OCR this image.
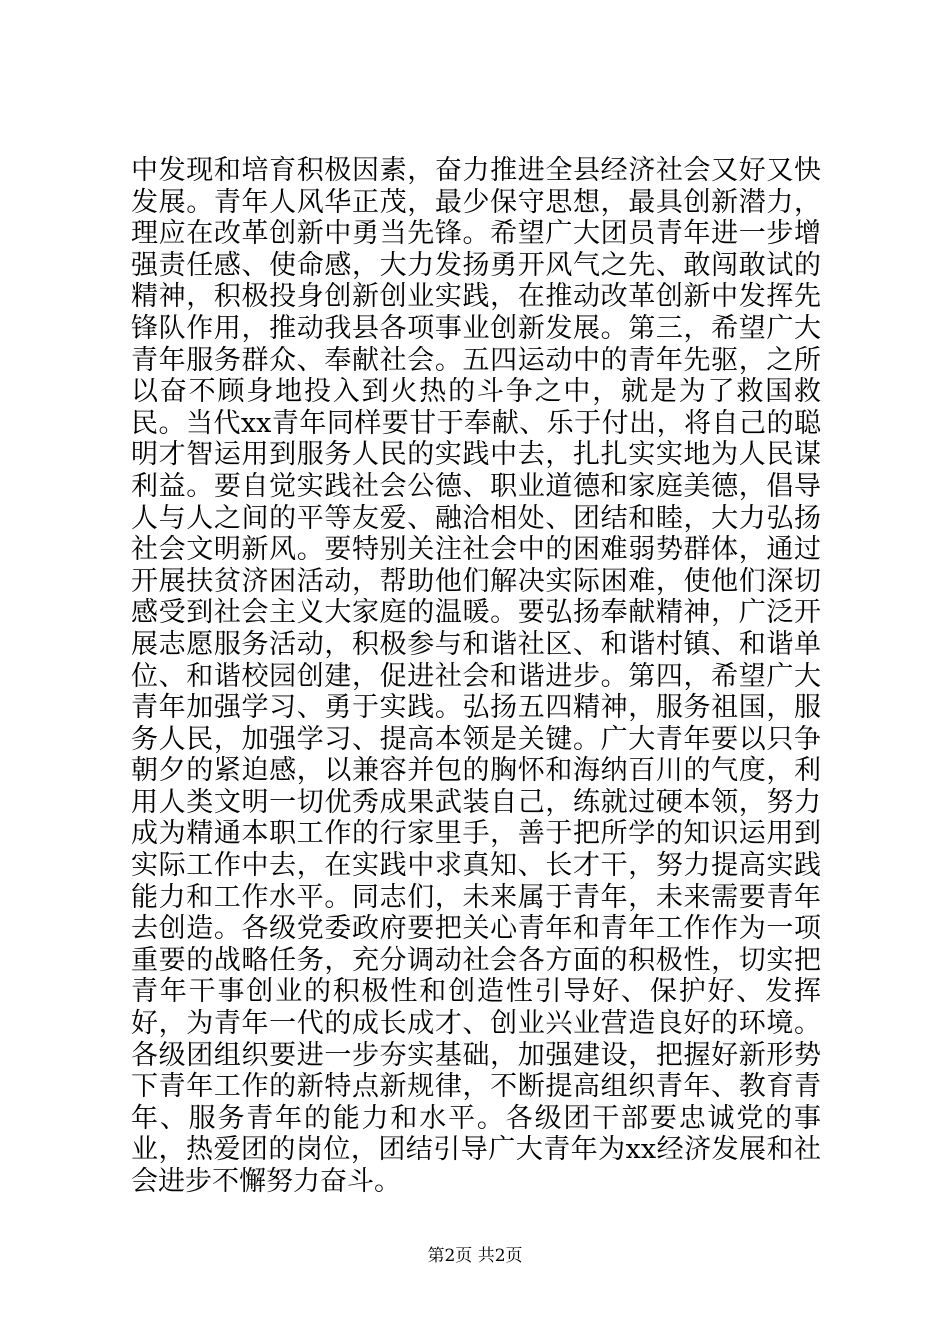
中发现和培育积极因素，奋力推进全县经济社会又好又快发展。青年人风华正茂，最少保守思想，最具创新潜力，理应在改革创新中勇当先锋。希望广大团员青年进一步增强责任感、使命感，大力发扬勇开风气之先、敢闯敢试的精神，积极投身创新创业实践，在推动改革创新中发挥先锋队作用，推动我县各项事业创新发展。第三，希望广大青年服务群众、奉献社会。五四运动中的青年先驱，之所以奋不顾身地投入到火热的斗争之中，就是为了救国救民。当代xx青年同样要甘于奉献、乐于付出，将自己的聪明才智运用到服务人民的实践中去，扎扎实实地为人民谋利益。要自觉实践社会公德、职业道德和家庭美德，倡导人与人之间的平等友爱、融洽相处、团结和睦，大力弘扬社会文明新风。要特别关注社会中的困难弱势群体，通过开展扶贫济困活动，帮助他们解决实际困难，使他们深切感受到社会主义大家庭的温暖。要弘扬奉献精神，广泛开展志愿服务活动，积极参与和谐社区、和谐村镇、和谐单位、和谐校园创建，促进社会和谐进步。第四，希望广大青年加强学习、勇于实践。弘扬五四精神，服务祖国，服务人民，加强学习、提高本领是关键。广大青年要以只争朝夕的紧迫感，以兼容并包的胸怀和海纳百川的气度，利用人类文明一切优秀成果武装自己，练就过硬本领，努力成为精通本职工作的行家里手，善于把所学的知识运用到实际工作中去，在实践中求真知、长才干，努力提高实践能力和工作水平。同志们，未来属于青年，未来需要青年去创造。各级党委政府要把关心青年和青年工作作为一项重要的战略任务，充分调动社会各方面的积极性，切实把青年干事创业的积极性和创造性引导好、保护好、发挥好，为青年一代的成长成才、创业兴业营造良好的环境。各级团组织要进一步夯实基础，加强建设，把握好新形势下青年工作的新特点新规律，不断提高组织青年、教育青年、服务青年的能力和水平。各级团干部要忠诚党的事业，热爱团的岗位，团结引导广大青年为xx经济发展和社会进步不懈努力奋斗。

第2页 共2页
